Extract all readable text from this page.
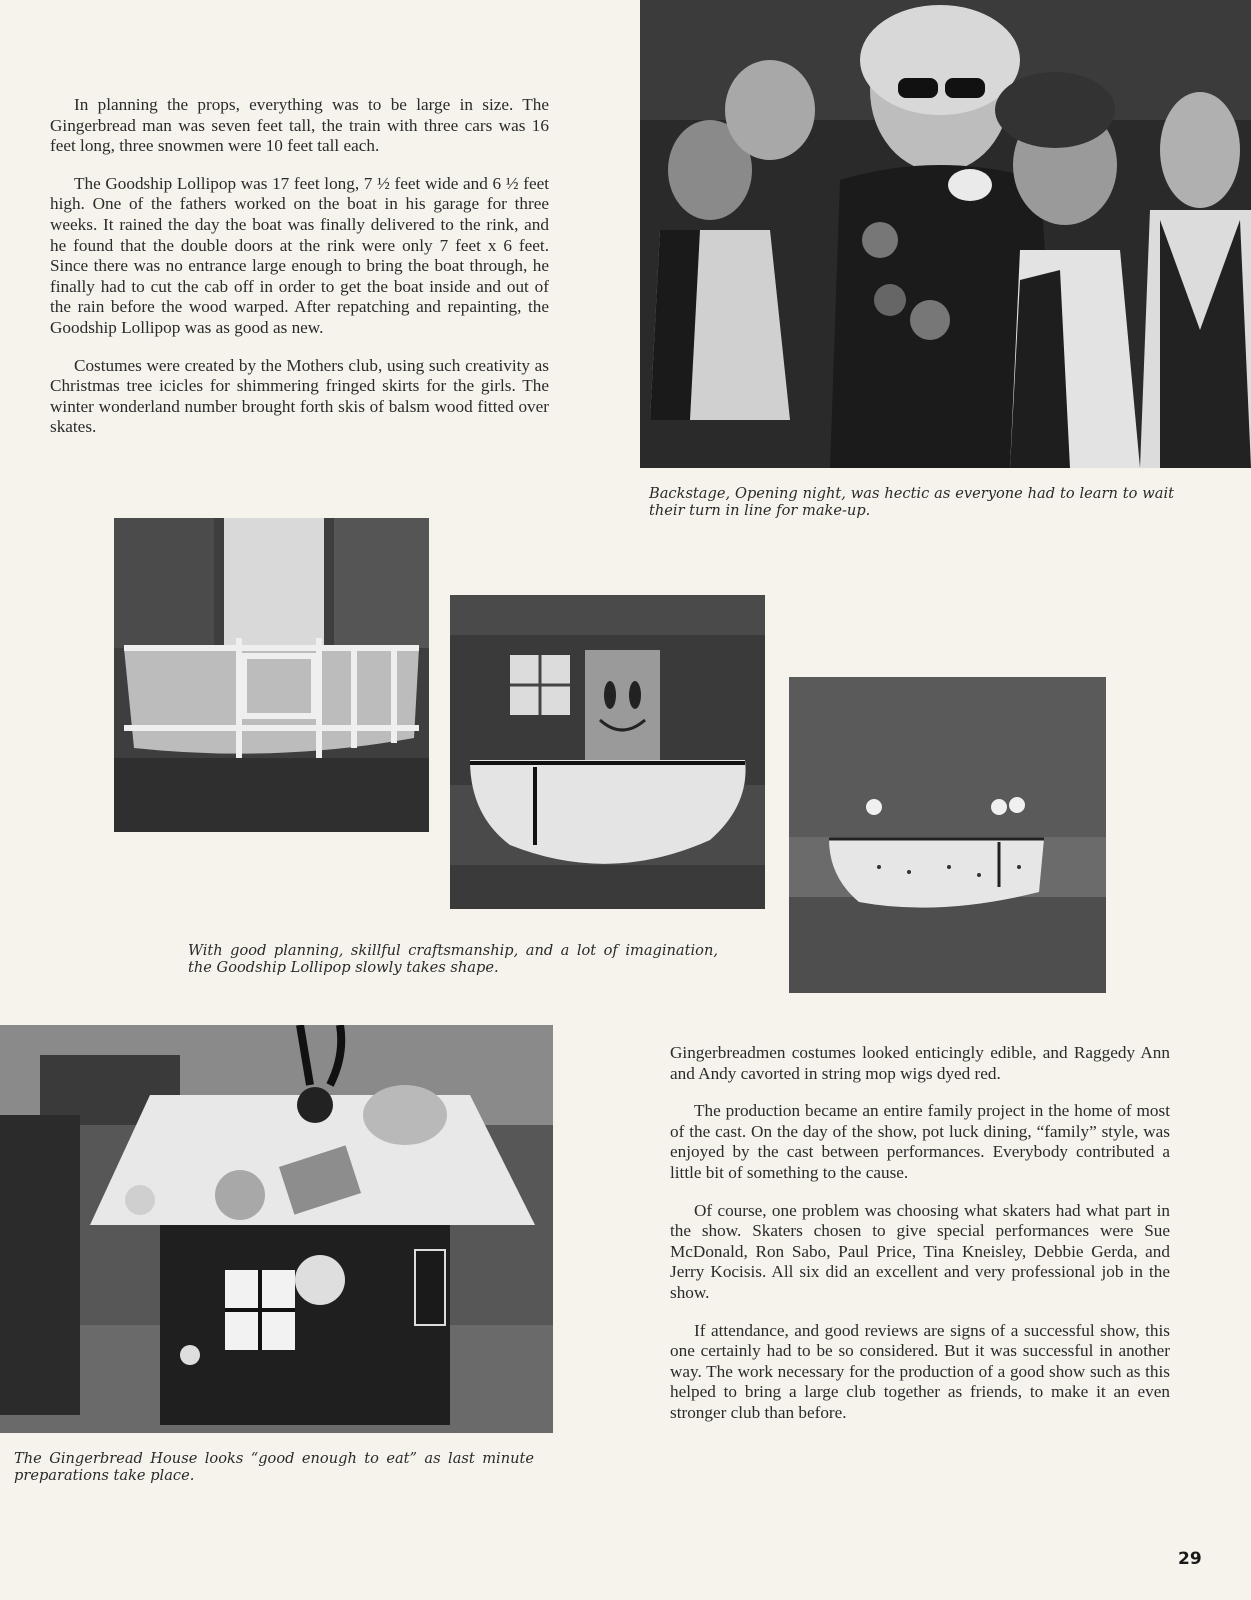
In planning the props, everything was to be large in size. The Gingerbread man was seven feet tall, the train with three cars was 16 feet long, three snowmen were 10 feet tall each.

The Goodship Lollipop was 17 feet long, 7 ½ feet wide and 6 ½ feet high. One of the fathers worked on the boat in his garage for three weeks. It rained the day the boat was finally delivered to the rink, and he found that the double doors at the rink were only 7 feet x 6 feet. Since there was no entrance large enough to bring the boat through, he finally had to cut the cab off in order to get the boat inside and out of the rain before the wood warped. After repatching and repainting, the Goodship Lollipop was as good as new.

Costumes were created by the Mothers club, using such creativity as Christmas tree icicles for shimmering fringed skirts for the girls. The winter wonderland number brought forth skis of balsm wood fitted over skates.

Backstage, Opening night, was hectic as everyone had to learn to wait their turn in line for make-up.
With good planning, skillful craftsmanship, and a lot of imagination, the Goodship Lollipop slowly takes shape.
The Gingerbread House looks “good enough to eat” as last minute preparations take place.

Gingerbreadmen costumes looked enticingly edible, and Raggedy Ann and Andy cavorted in string mop wigs dyed red.

The production became an entire family project in the home of most of the cast. On the day of the show, pot luck dining, “family” style, was enjoyed by the cast between performances. Everybody contributed a little bit of something to the cause.

Of course, one problem was choosing what skaters had what part in the show. Skaters chosen to give special performances were Sue McDonald, Ron Sabo, Paul Price, Tina Kneisley, Debbie Gerda, and Jerry Kocisis. All six did an excellent and very professional job in the show.

If attendance, and good reviews are signs of a successful show, this one certainly had to be so considered. But it was successful in another way. The work necessary for the production of a good show such as this helped to bring a large club together as friends, to make it an even stronger club than before.

29
